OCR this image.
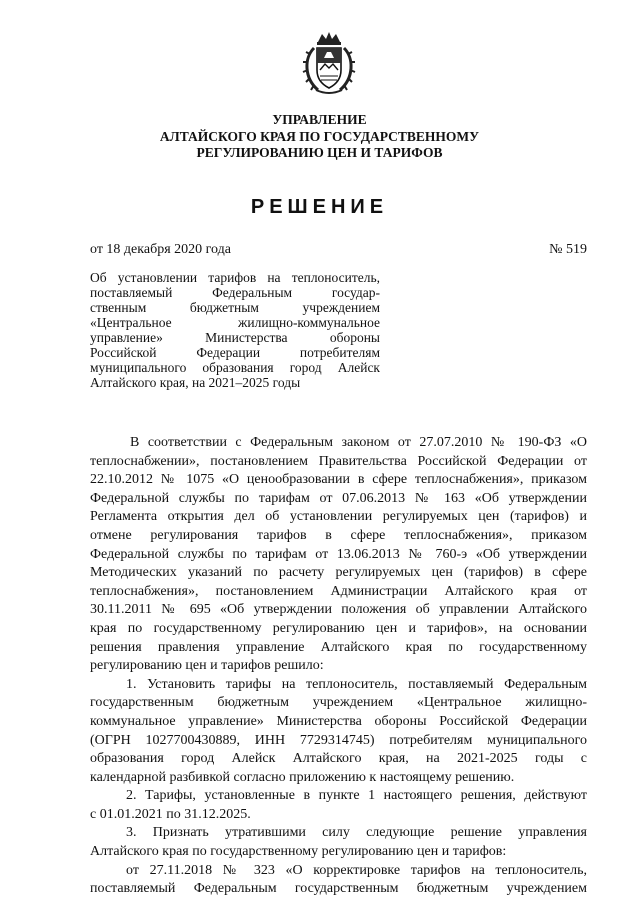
УПРАВЛЕНИЕ
АЛТАЙСКОГО КРАЯ ПО ГОСУДАРСТВЕННОМУ
РЕГУЛИРОВАНИЮ ЦЕН И ТАРИФОВ
РЕШЕНИЕ
от 18 декабря 2020 года	№ 519
Об установлении тарифов на теплоноситель,
поставляемый Федеральным государ-
ственным бюджетным учреждением
«Центральное жилищно-коммунальное
управление» Министерства обороны
Российской Федерации потребителям
муниципального образования город Алейск
Алтайского края, на 2021–2025 годы
В соответствии с Федеральным законом от 27.07.2010 № 190-ФЗ «О
теплоснабжении», постановлением Правительства Российской Федерации от
22.10.2012 № 1075 «О ценообразовании в сфере теплоснабжения», приказом
Федеральной службы по тарифам от 07.06.2013 № 163 «Об утверждении
Регламента открытия дел об установлении регулируемых цен (тарифов) и
отмене регулирования тарифов в сфере теплоснабжения», приказом
Федеральной службы по тарифам от 13.06.2013 № 760-э «Об утверждении
Методических указаний по расчету регулируемых цен (тарифов) в сфере
теплоснабжения», постановлением Администрации Алтайского края от
30.11.2011 № 695 «Об утверждении положения об управлении Алтайского
края по государственному регулированию цен и тарифов», на основании
решения правления управление Алтайского края по государственному
регулированию цен и тарифов решило:
1. Установить тарифы на теплоноситель, поставляемый Федеральным
государственным бюджетным учреждением «Центральное жилищно-
коммунальное управление» Министерства обороны Российской Федерации
(ОГРН 1027700430889, ИНН 7729314745) потребителям муниципального
образования город Алейск Алтайского края, на 2021-2025 годы с
календарной разбивкой согласно приложению к настоящему решению.
2. Тарифы, установленные в пункте 1 настоящего решения, действуют
с 01.01.2021 по 31.12.2025.
3. Признать утратившими силу следующие решение управления
Алтайского края по государственному регулированию цен и тарифов:
от 27.11.2018 № 323 «О корректировке тарифов на теплоноситель,
поставляемый Федеральным государственным бюджетным учреждением
